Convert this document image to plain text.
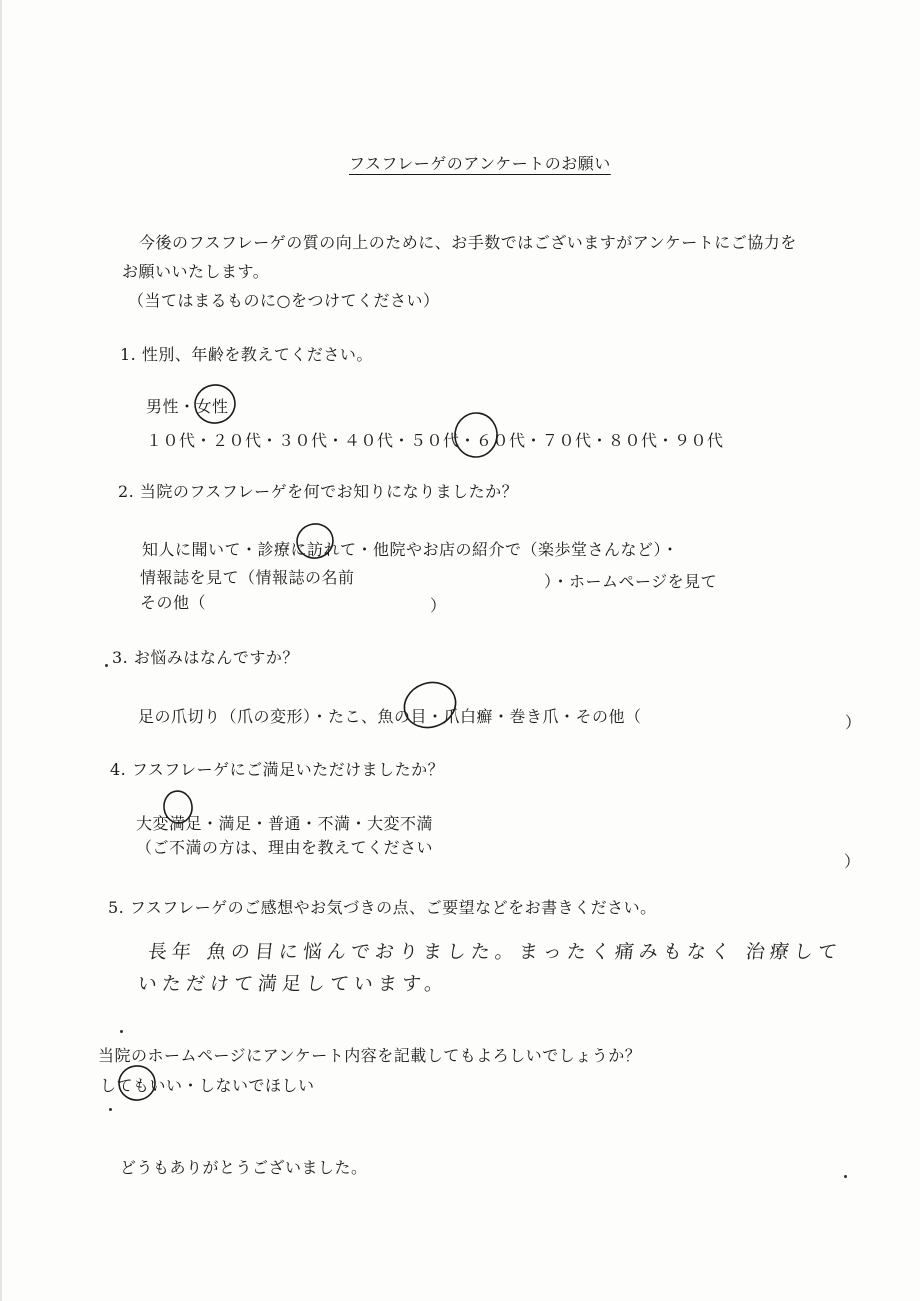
フスフレーゲのアンケートのお願い
今後のフスフレーゲの質の向上のために、お手数ではございますがアンケートにご協力を
お願いいたします。
（当てはまるものに○をつけてください）
1. 性別、年齢を教えてください。
男性・女性
１０代・２０代・３０代・４０代・５０代・６０代・７０代・８０代・９０代
2. 当院のフスフレーゲを何でお知りになりましたか？
知人に聞いて・診療に訪れて・他院やお店の紹介で（楽歩堂さんなど）・
情報誌を見て（情報誌の名前	）・ホームページを見て
その他（	）
3. お悩みはなんですか？
足の爪切り（爪の変形）・たこ、魚の目・爪白癬・巻き爪・その他（	）
4. フスフレーゲにご満足いただけましたか？
大変満足・満足・普通・不満・大変不満
（ご不満の方は、理由を教えてください
）
5. フスフレーゲのご感想やお気づきの点、ご要望などをお書きください。
長年 魚の目に悩んでおりました。まったく痛みもなく 治療して
いただけて満足しています。
当院のホームページにアンケート内容を記載してもよろしいでしょうか？
してもいい・しないでほしい
どうもありがとうございました。
